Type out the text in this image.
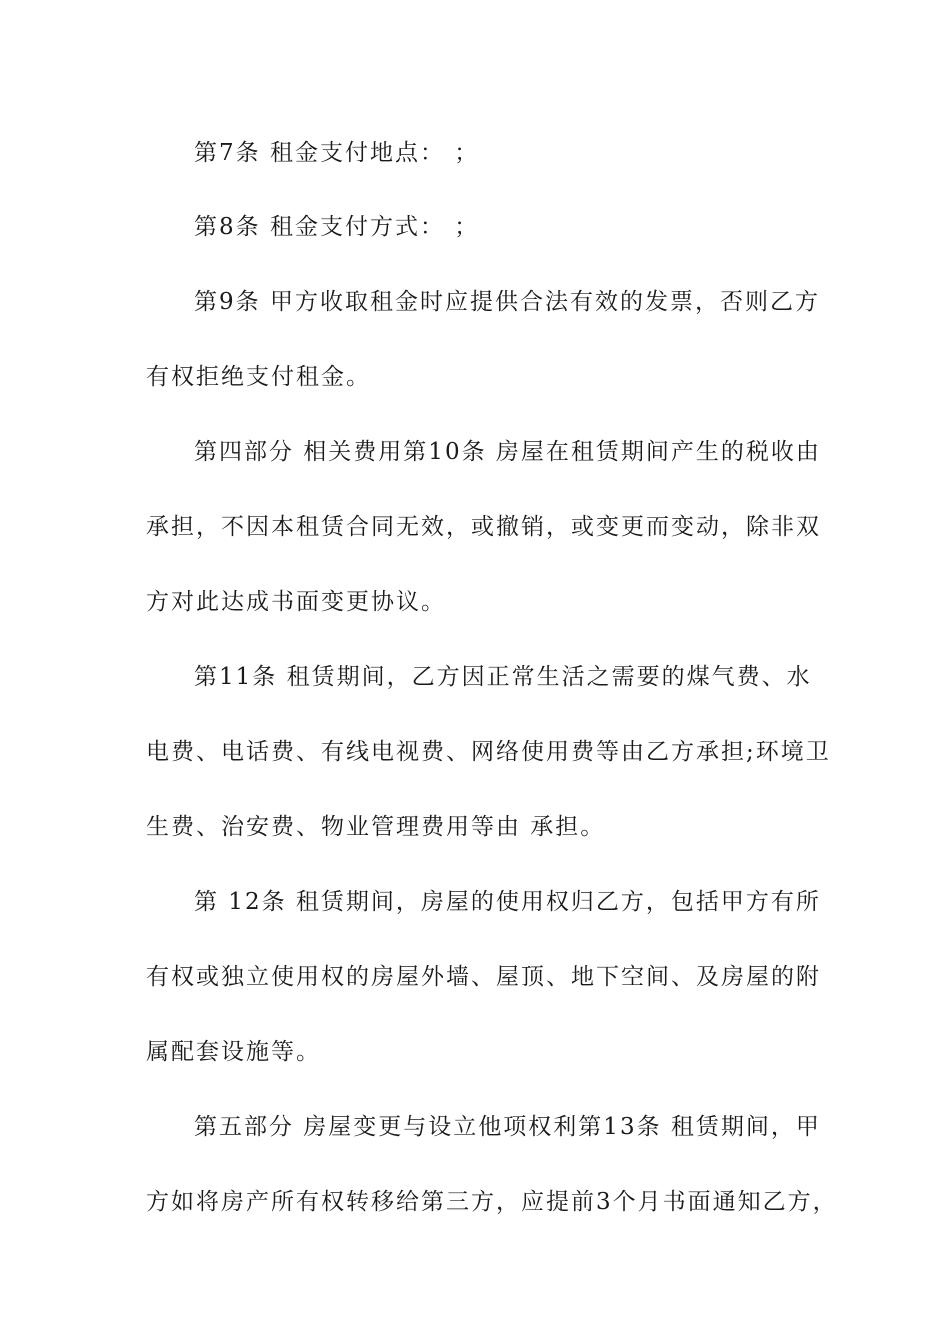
第7条 租金支付地点： ；
第8条 租金支付方式： ；
第9条 甲方收取租金时应提供合法有效的发票，否则乙方
有权拒绝支付租金。
第四部分 相关费用第10条 房屋在租赁期间产生的税收由
承担，不因本租赁合同无效，或撤销，或变更而变动，除非双
方对此达成书面变更协议。
第11条 租赁期间，乙方因正常生活之需要的煤气费、水
电费、电话费、有线电视费、网络使用费等由乙方承担;环境卫
生费、治安费、物业管理费用等由 承担。
第 12条 租赁期间，房屋的使用权归乙方，包括甲方有所
有权或独立使用权的房屋外墙、屋顶、地下空间、及房屋的附
属配套设施等。
第五部分 房屋变更与设立他项权利第13条 租赁期间，甲
方如将房产所有权转移给第三方，应提前3个月书面通知乙方，
